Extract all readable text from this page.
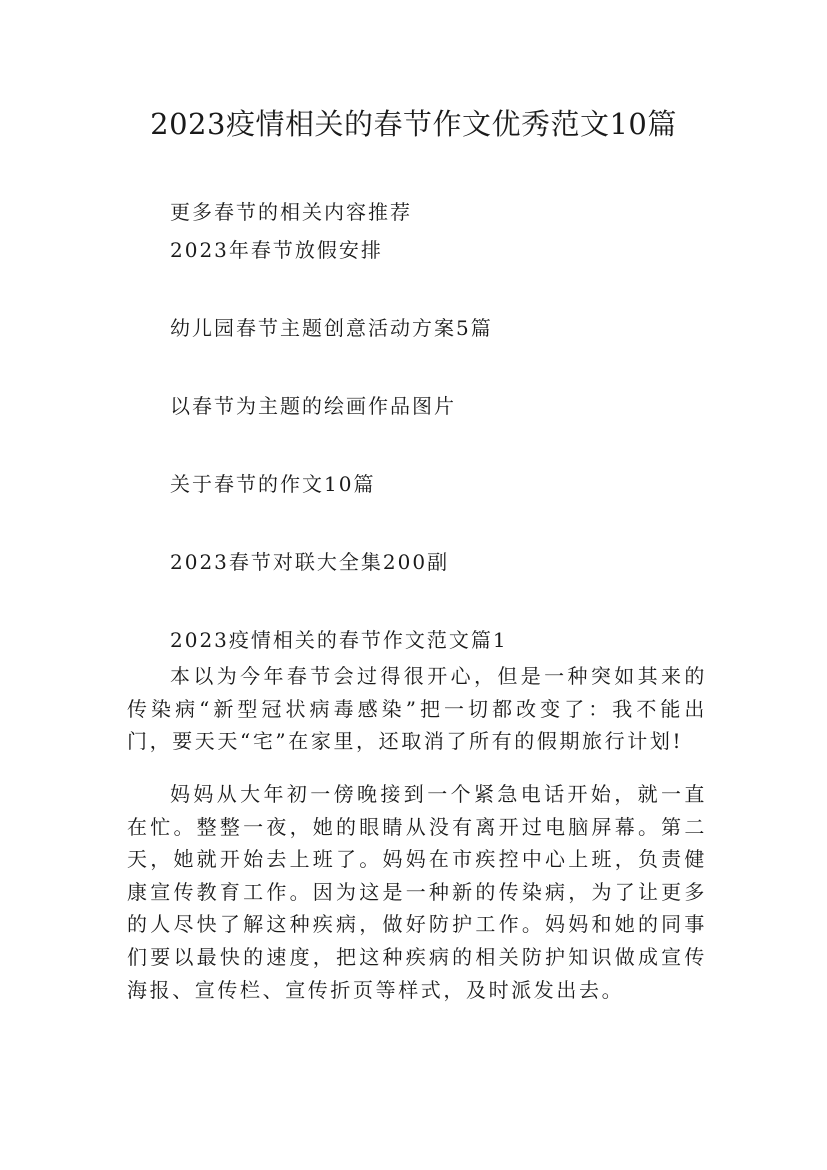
2023疫情相关的春节作文优秀范文10篇
更多春节的相关内容推荐
2023年春节放假安排
幼儿园春节主题创意活动方案5篇
以春节为主题的绘画作品图片
关于春节的作文10篇
2023春节对联大全集200副
2023疫情相关的春节作文范文篇1

本以为今年春节会过得很开心，但是一种突如其来的传染病“新型冠状病毒感染”把一切都改变了：我不能出门，要天天“宅”在家里，还取消了所有的假期旅行计划!

妈妈从大年初一傍晚接到一个紧急电话开始，就一直在忙。整整一夜，她的眼睛从没有离开过电脑屏幕。第二天，她就开始去上班了。妈妈在市疾控中心上班，负责健康宣传教育工作。因为这是一种新的传染病，为了让更多的人尽快了解这种疾病，做好防护工作。妈妈和她的同事们要以最快的速度，把这种疾病的相关防护知识做成宣传海报、宣传栏、宣传折页等样式，及时派发出去。
